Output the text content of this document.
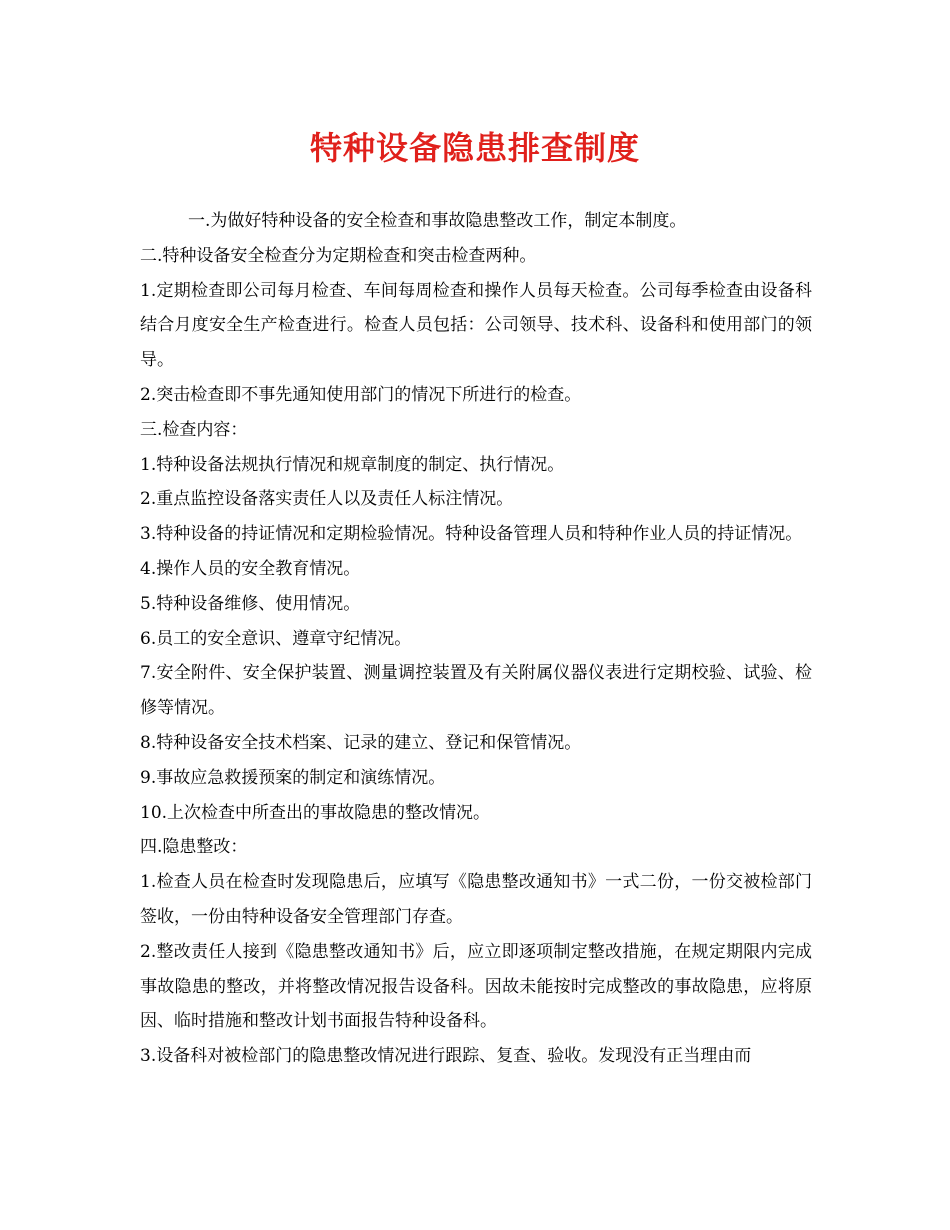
特种设备隐患排查制度

一.为做好特种设备的安全检查和事故隐患整改工作，制定本制度。

二.特种设备安全检查分为定期检查和突击检查两种。

1.定期检查即公司每月检查、车间每周检查和操作人员每天检查。公司每季检查由设备科结合月度安全生产检查进行。检查人员包括：公司领导、技术科、设备科和使用部门的领导。

2.突击检查即不事先通知使用部门的情况下所进行的检查。

三.检查内容：

1.特种设备法规执行情况和规章制度的制定、执行情况。

2.重点监控设备落实责任人以及责任人标注情况。

3.特种设备的持证情况和定期检验情况。特种设备管理人员和特种作业人员的持证情况。

4.操作人员的安全教育情况。

5.特种设备维修、使用情况。

6.员工的安全意识、遵章守纪情况。

7.安全附件、安全保护装置、测量调控装置及有关附属仪器仪表进行定期校验、试验、检修等情况。

8.特种设备安全技术档案、记录的建立、登记和保管情况。

9.事故应急救援预案的制定和演练情况。

10.上次检查中所查出的事故隐患的整改情况。

四.隐患整改：

1.检查人员在检查时发现隐患后，应填写《隐患整改通知书》一式二份，一份交被检部门签收，一份由特种设备安全管理部门存查。

2.整改责任人接到《隐患整改通知书》后，应立即逐项制定整改措施，在规定期限内完成事故隐患的整改，并将整改情况报告设备科。因故未能按时完成整改的事故隐患，应将原因、临时措施和整改计划书面报告特种设备科。

3.设备科对被检部门的隐患整改情况进行跟踪、复查、验收。发现没有正当理由而
